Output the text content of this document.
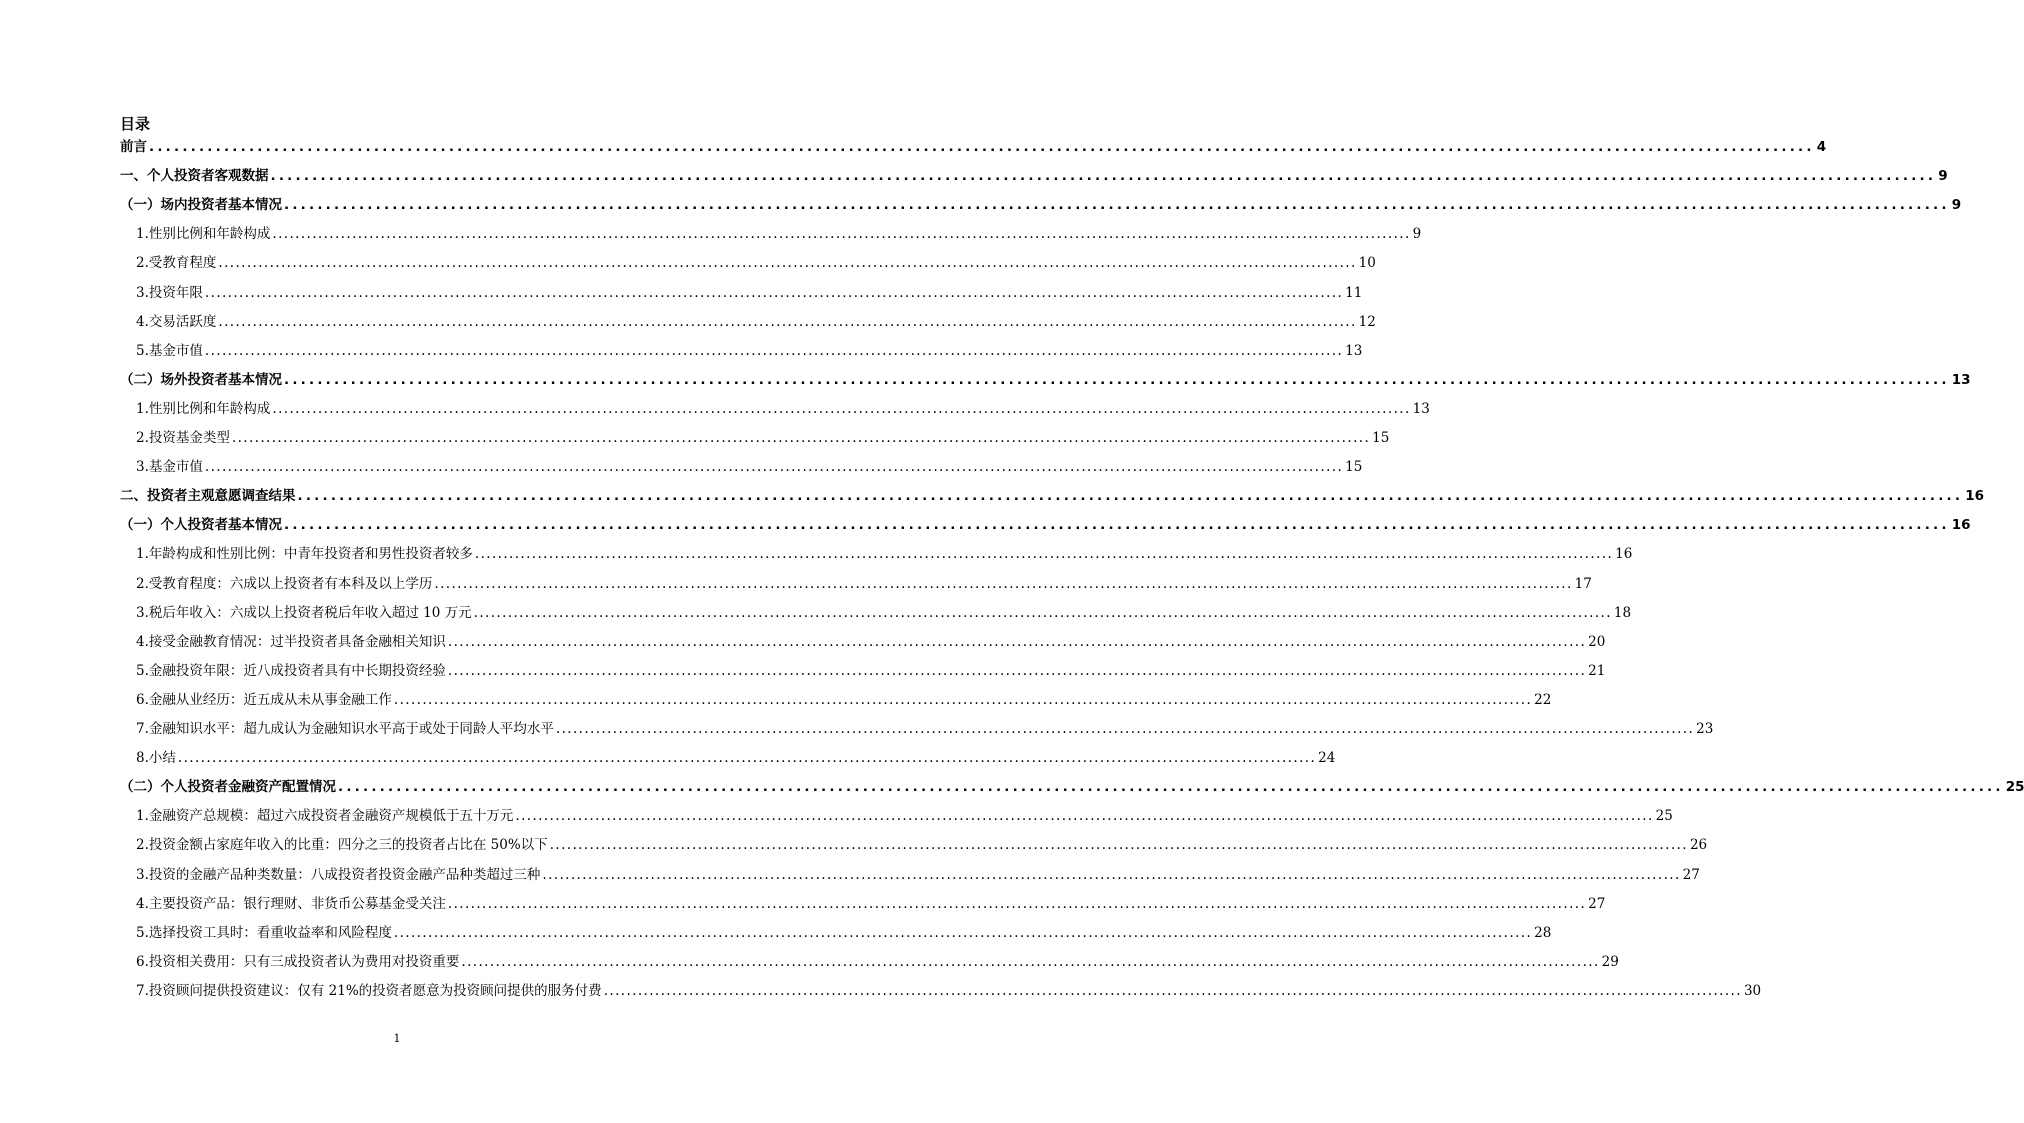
目录
前言 ........................................................................................................................................................................................................ 4
一、个人投资者客观数据 ........................................................................................................................................................................................................ 9
（一）场内投资者基本情况 ........................................................................................................................................................................................................ 9
1. 性别比例和年龄构成 ........................................................................................................................................................................................................ 9
2. 受教育程度 ........................................................................................................................................................................................................ 10
3. 投资年限 ........................................................................................................................................................................................................ 11
4. 交易活跃度 ........................................................................................................................................................................................................ 12
5. 基金市值 ........................................................................................................................................................................................................ 13
（二）场外投资者基本情况 ........................................................................................................................................................................................................ 13
1. 性别比例和年龄构成 ........................................................................................................................................................................................................ 13
2. 投资基金类型 ........................................................................................................................................................................................................ 15
3. 基金市值 ........................................................................................................................................................................................................ 15
二、投资者主观意愿调查结果 ........................................................................................................................................................................................................ 16
（一）个人投资者基本情况 ........................................................................................................................................................................................................ 16
1. 年龄构成和性别比例：中青年投资者和男性投资者较多 ........................................................................................................................................................................................................ 16
2. 受教育程度：六成以上投资者有本科及以上学历 ........................................................................................................................................................................................................ 17
3. 税后年收入：六成以上投资者税后年收入超过 10 万元 ........................................................................................................................................................................................................ 18
4. 接受金融教育情况：过半投资者具备金融相关知识 ........................................................................................................................................................................................................ 20
5. 金融投资年限：近八成投资者具有中长期投资经验 ........................................................................................................................................................................................................ 21
6. 金融从业经历：近五成从未从事金融工作 ........................................................................................................................................................................................................ 22
7. 金融知识水平：超九成认为金融知识水平高于或处于同龄人平均水平 ........................................................................................................................................................................................................ 23
8. 小结 ........................................................................................................................................................................................................ 24
（二）个人投资者金融资产配置情况 ........................................................................................................................................................................................................ 25
1. 金融资产总规模：超过六成投资者金融资产规模低于五十万元 ........................................................................................................................................................................................................ 25
2. 投资金额占家庭年收入的比重：四分之三的投资者占比在 50%以下 ........................................................................................................................................................................................................ 26
3. 投资的金融产品种类数量：八成投资者投资金融产品种类超过三种 ........................................................................................................................................................................................................ 27
4. 主要投资产品：银行理财、非货币公募基金受关注 ........................................................................................................................................................................................................ 27
5. 选择投资工具时：看重收益率和风险程度 ........................................................................................................................................................................................................ 28
6. 投资相关费用：只有三成投资者认为费用对投资重要 ........................................................................................................................................................................................................ 29
7. 投资顾问提供投资建议：仅有 21%的投资者愿意为投资顾问提供的服务付费 ........................................................................................................................................................................................................ 30
1
